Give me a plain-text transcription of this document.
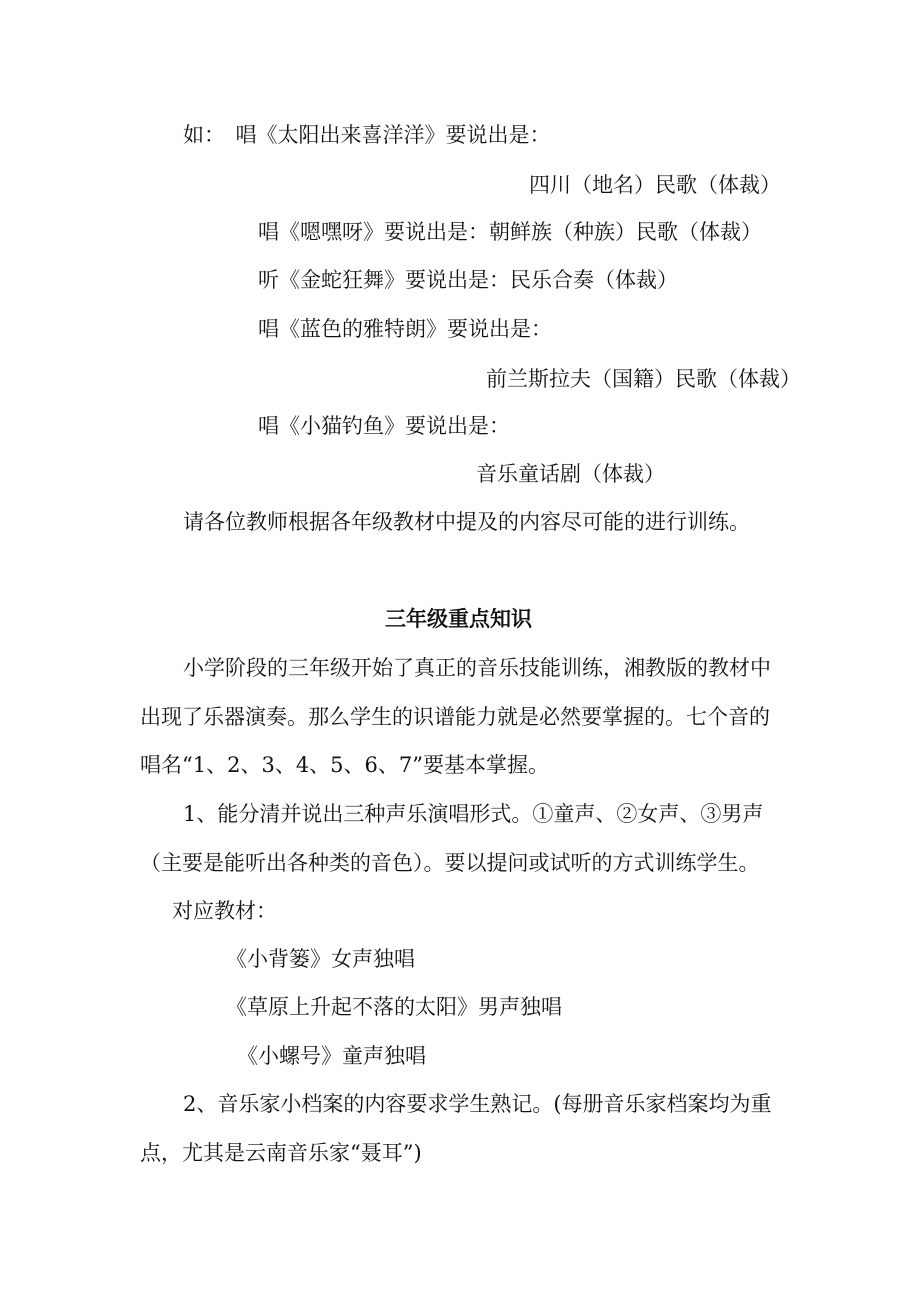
如：　唱《太阳出来喜洋洋》要说出是：
四川（地名）民歌（体裁）
唱《嗯嘿呀》要说出是：朝鲜族（种族）民歌（体裁）
听《金蛇狂舞》要说出是：民乐合奏（体裁）
唱《蓝色的雅特朗》要说出是：
前兰斯拉夫（国籍）民歌（体裁）
唱《小猫钓鱼》要说出是：
音乐童话剧（体裁）
请各位教师根据各年级教材中提及的内容尽可能的进行训练。
三年级重点知识
小学阶段的三年级开始了真正的音乐技能训练，湘教版的教材中
出现了乐器演奏。那么学生的识谱能力就是必然要掌握的。七个音的
唱名“1、2、3、4、5、6、7”要基本掌握。
1、能分清并说出三种声乐演唱形式。①童声、②女声、③男声
（主要是能听出各种类的音色）。要以提问或试听的方式训练学生。
对应教材：
《小背篓》女声独唱
《草原上升起不落的太阳》男声独唱
《小螺号》童声独唱
2、音乐家小档案的内容要求学生熟记。(每册音乐家档案均为重
点，尤其是云南音乐家“聂耳”)
